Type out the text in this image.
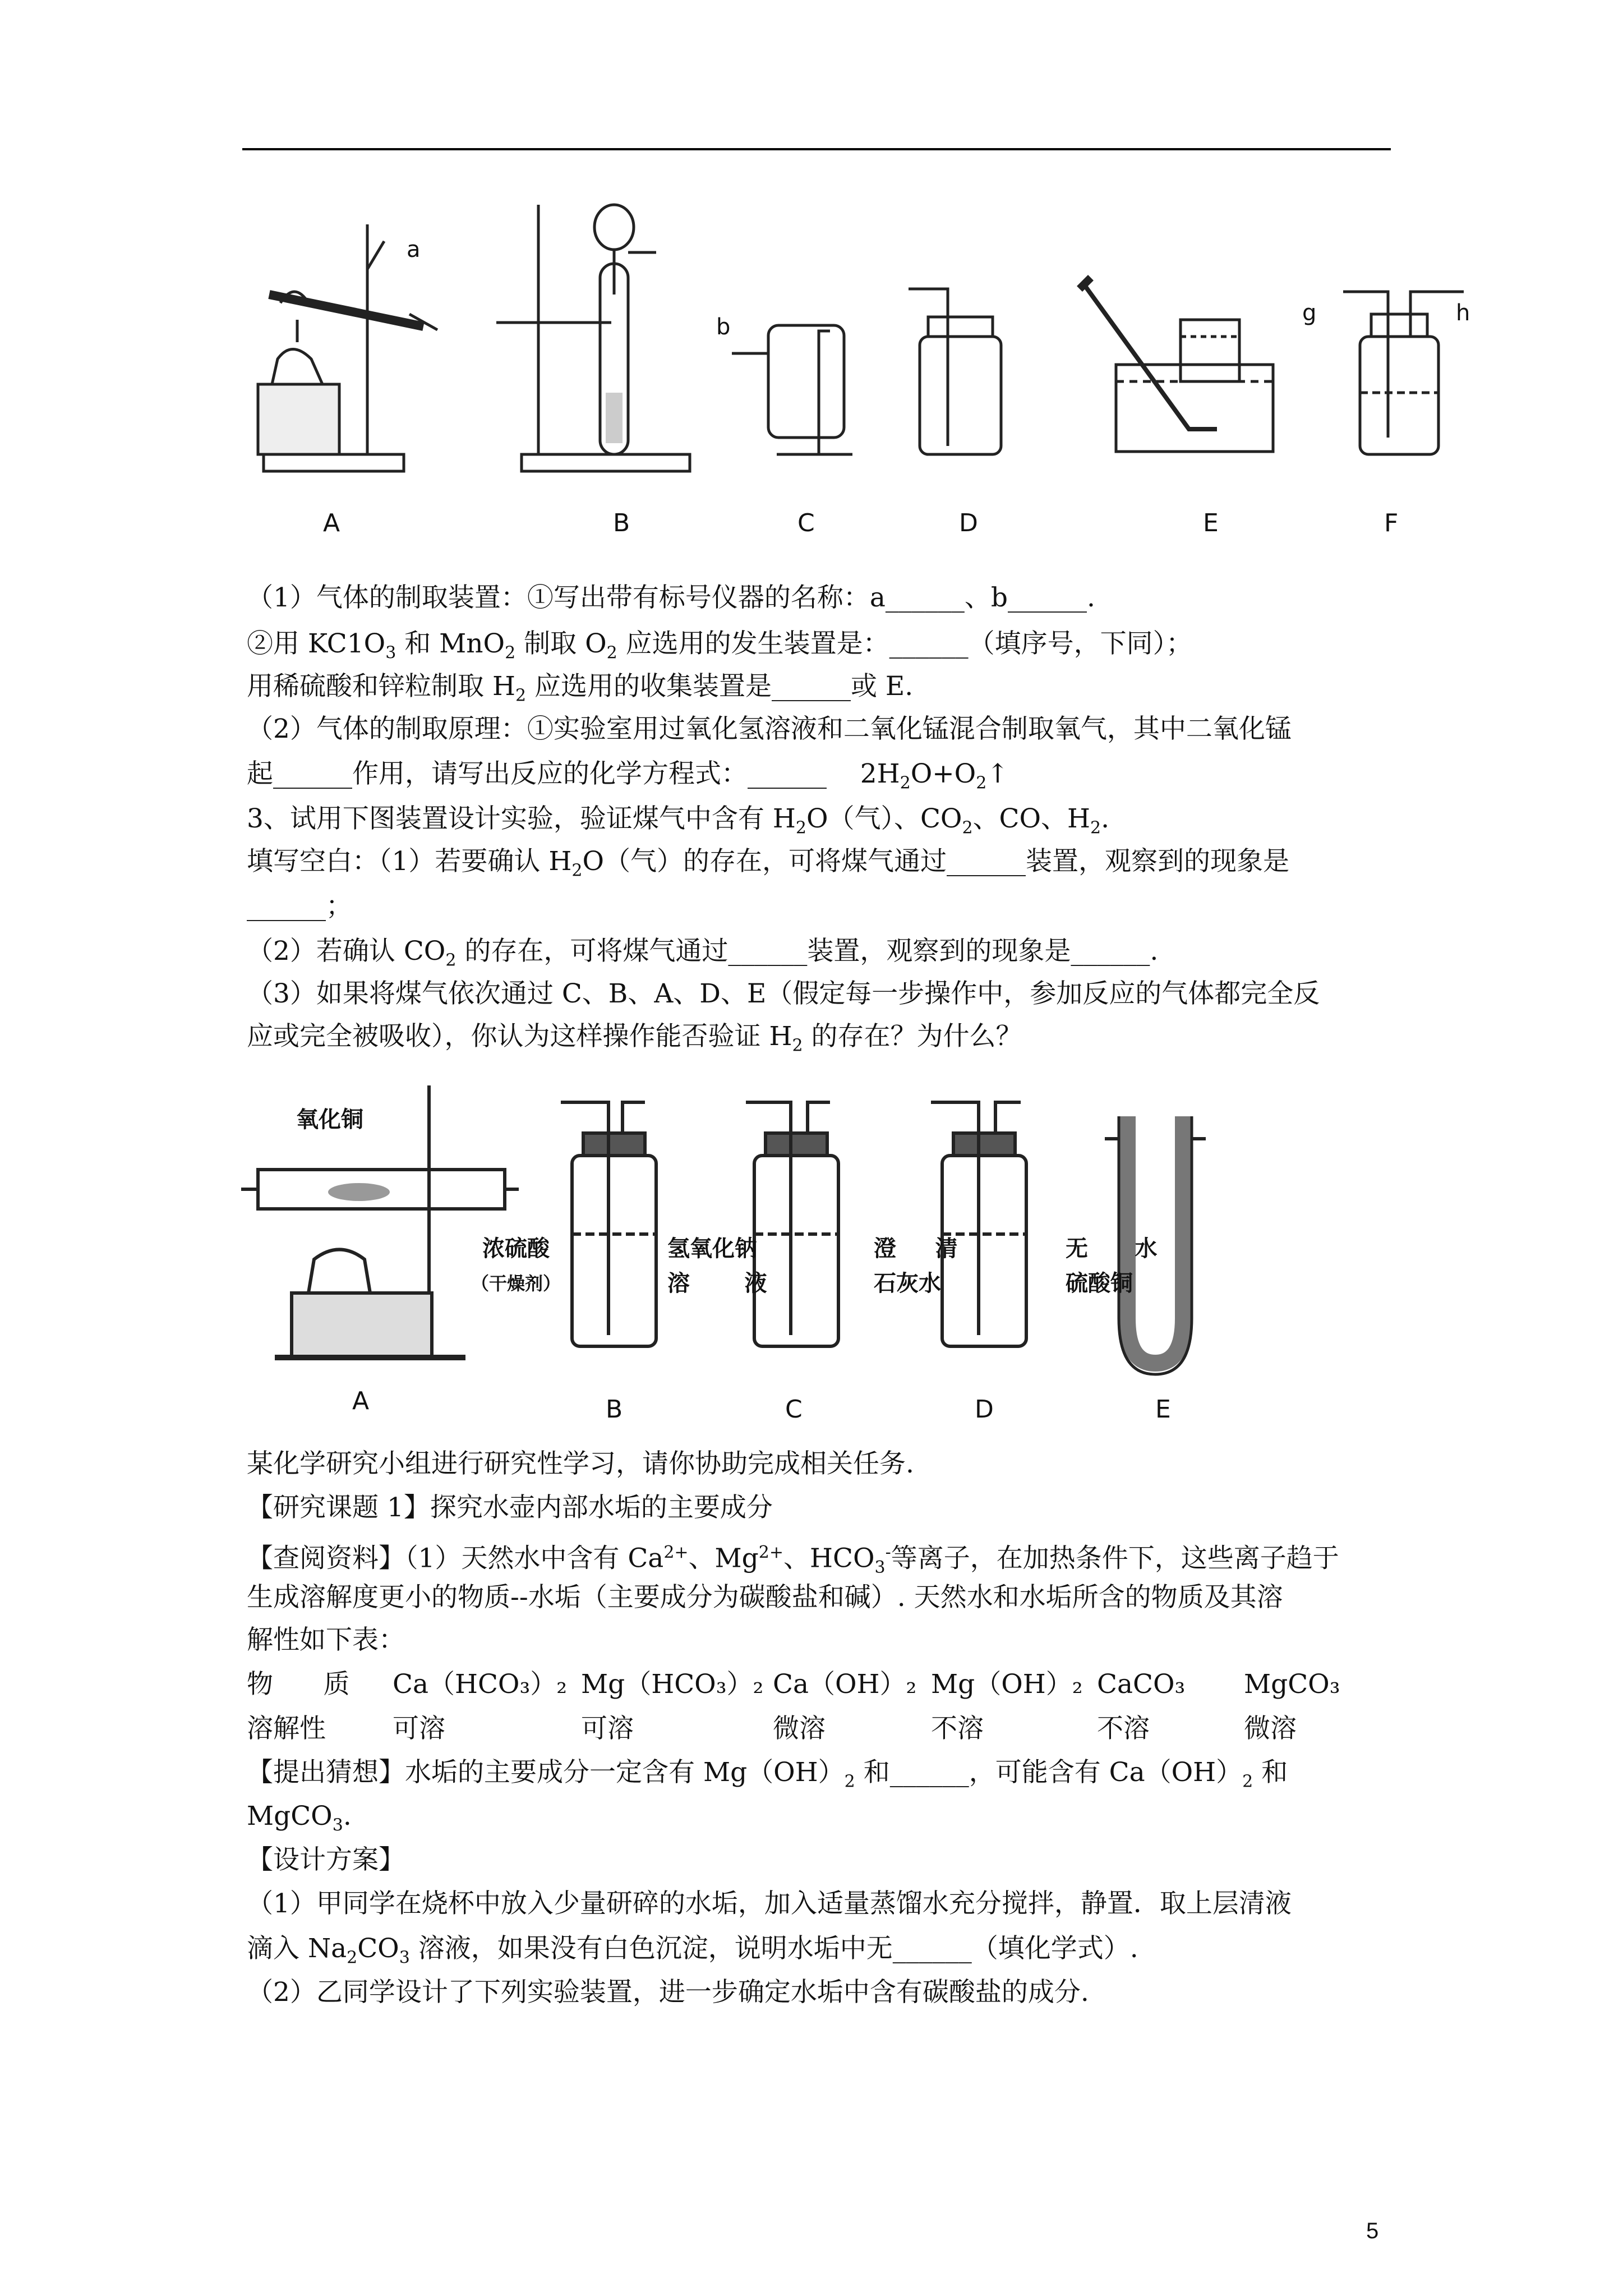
a
b
g	h
A	B	C	D	E	F
（1）气体的制取装置：①写出带有标号仪器的名称：a______、b______.
②用 $KC1O_3$ 和 MnO$_2$ 制取 $O_2$ 应选用的发生装置是：______（填序号，下同）；
用稀硫酸和锌粒制取 $H_2$ 应选用的收集装置是______或 E.
（2）气体的制取原理：①实验室用过氧化氢溶液和二氧化锰混合制取氧气，其中二氧化锰
起______作用，请写出反应的化学方程式：______    $2H_2O+O_2↑$
3、试用下图装置设计实验，验证煤气中含有 $H_2O$（气）、$CO_2$、CO、$H_2$.
填写空白：（1）若要确认 $H_2O$（气）的存在，可将煤气通过______装置，观察到的现象是
______；
（2）若确认 $CO_2$ 的存在，可将煤气通过______装置，观察到的现象是______.
（3）如果将煤气依次通过 C、B、A、D、E（假定每一步操作中，参加反应的气体都完全反
应或完全被吸收），你认为这样操作能否验证 $H_2$ 的存在？为什么？
氧化铜
浓硫酸
（干燥剂）
氢氧化钠
溶       液
澄     清
石灰水
无      水
硫酸铜
A	B	C	D	E
某化学研究小组进行研究性学习，请你协助完成相关任务.
【研究课题 1】探究水壶内部水垢的主要成分
【查阅资料】（1）天然水中含有 $Ca^{2+}$、$Mg^{2+}$、$HCO_3^-$等离子，在加热条件下，这些离子趋于
生成溶解度更小的物质--水垢（主要成分为碳酸盐和碱）. 天然水和水垢所含的物质及其溶
解性如下表：
物      质 Ca（HCO₃）₂ Mg（HCO₃）₂ Ca（OH）₂ Mg（OH）₂ CaCO₃ MgCO₃
溶解性	可溶	可溶	微溶	不溶	不溶	微溶
【提出猜想】水垢的主要成分一定含有 $Mg(OH)_2$ 和______，可能含有 $Ca(OH)_2$ 和
MgCO$_3$.
【设计方案】
（1）甲同学在烧杯中放入少量研碎的水垢，加入适量蒸馏水充分搅拌，静置．取上层清液
滴入 $Na_2CO_3$ 溶液，如果没有白色沉淀，说明水垢中无______（填化学式）.
（2）乙同学设计了下列实验装置，进一步确定水垢中含有碳酸盐的成分.
5
